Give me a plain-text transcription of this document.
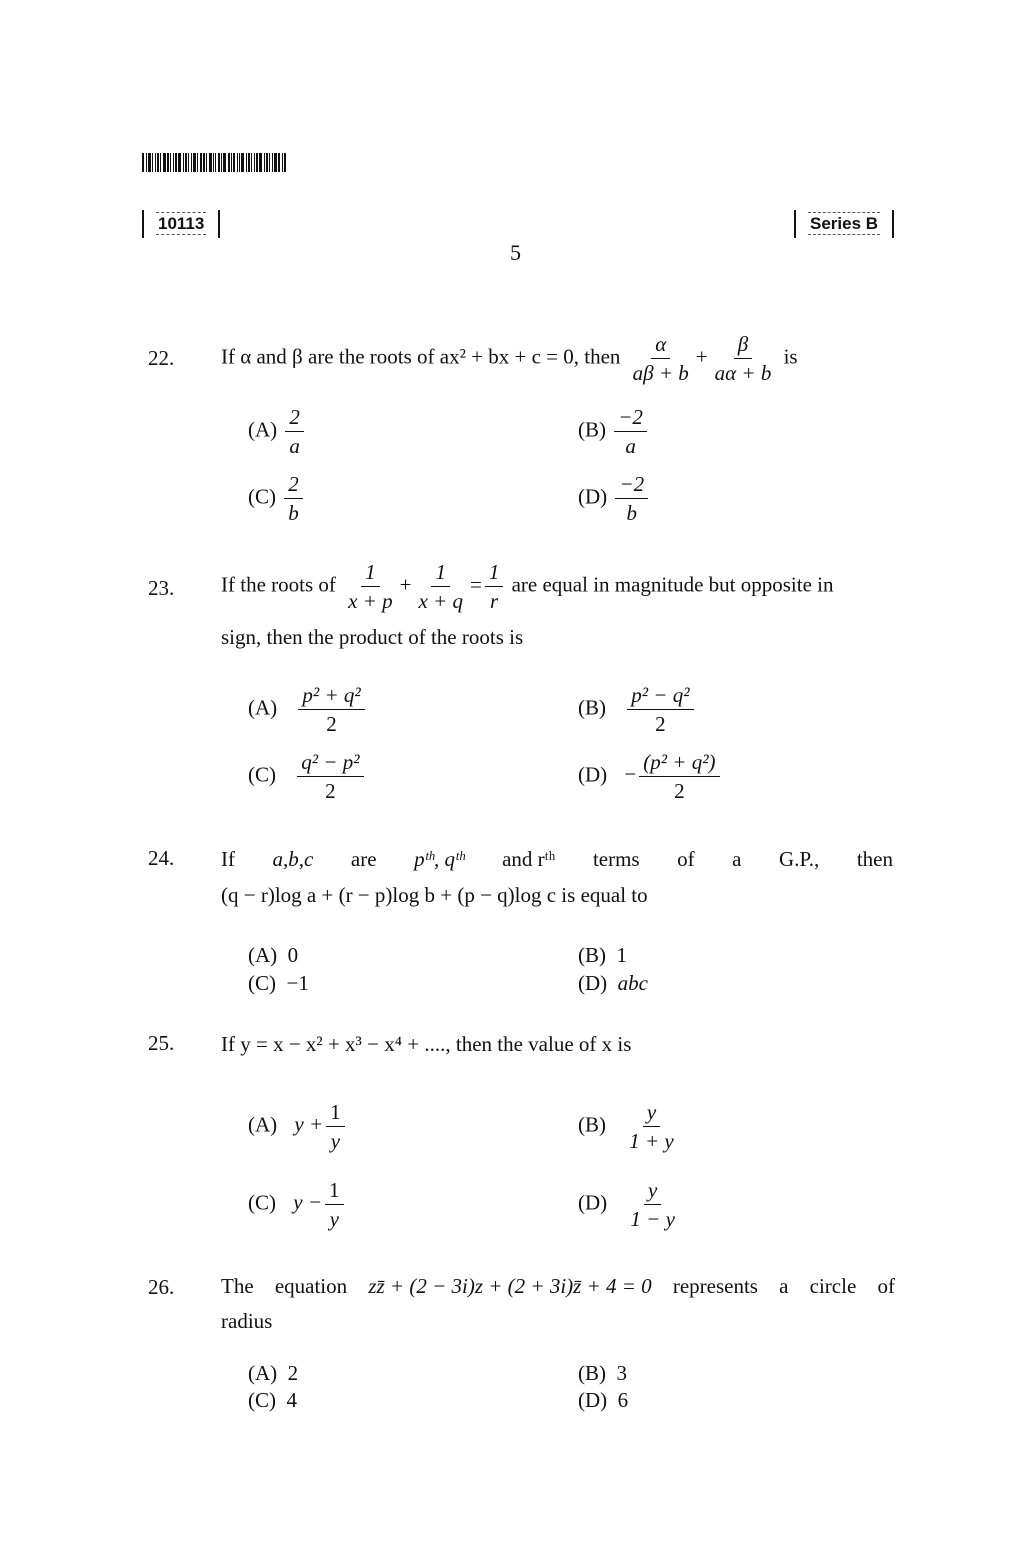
10113	Series B
5
22. If α and β are the roots of ax² + bx + c = 0, then $\frac{\alpha}{a\beta + b} + \frac{\beta}{a\alpha + b}$ is
$(A) \frac{2}{a}$	$(B) \frac{-2}{a}$
$(C) \frac{2}{b}$	$(D) \frac{-2}{b}$
23. If the roots of $\frac{1}{x + p} + \frac{1}{x + q} = \frac{1}{r}$ are equal in magnitude but opposite in
sign, then the product of the roots is
$(A) \frac{\text{p² + q²}}{2}$	$(B) \frac{\text{p² − q²}}{2}$
$(C) \frac{\text{q² − p²}}{2}$	$(D) - \frac{\text{(p² + q²)}}{2}$
24. If a,b,c are pᵗʰ, qᵗʰ and rᵗʰ terms of a G.P., then
(q − r)log a + (r − p)log b + (p − q)log c is equal to
(A) 0	(B) 1
(C) −1	(D) abc
25. If y = x − x² + x³ − x⁴ + ...., then the value of x is
(A) $y + \frac{1}{y}$	$(B) \frac{y}{1 + y}$
(C) $y - \frac{1}{y}$	$(D) \frac{y}{1 - y}$
26. The equation zz̄ + (2 − 3i)z + (2 + 3i)z̄ + 4 = 0 represents a circle of
radius
(A) 2	(B) 3
(C) 4	(D) 6
